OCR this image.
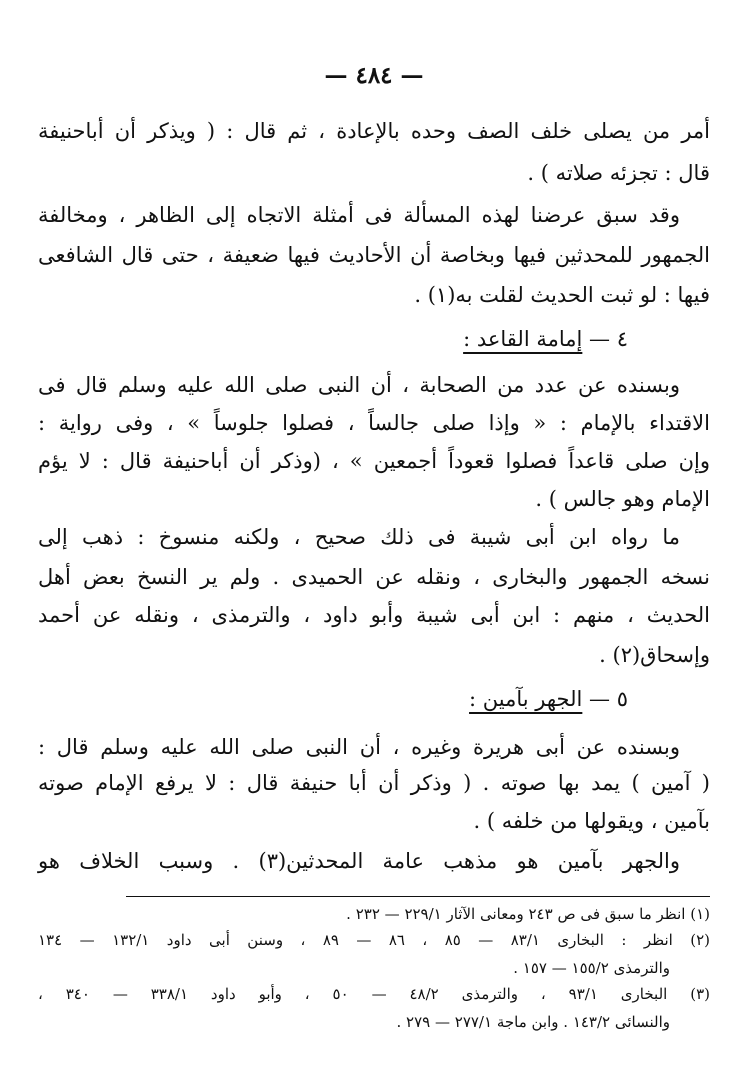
— ٤٨٤ —
أمر من يصلى خلف الصف وحده بالإعادة ، ثم قال : ( ويذكر أن أباحنيفة
قال : تجزئه صلاته ) .
وقد سبق عرضنا لهذه المسألة فى أمثلة الاتجاه إلى الظاهر ، ومخالفة
الجمهور للمحدثين فيها وبخاصة أن الأحاديث فيها ضعيفة ، حتى قال الشافعى
فيها : لو ثبت الحديث لقلت به(١) .
٤ — إمامة القاعد :
وبسنده عن عدد من الصحابة ، أن النبى صلى الله عليه وسلم قال فى
الاقتداء بالإمام : « وإذا صلى جالساً ، فصلوا جلوساً » ، وفى رواية :
وإن صلى قاعداً فصلوا قعوداً أجمعين » ، (وذكر أن أباحنيفة قال : لا يؤم
الإمام وهو جالس ) .
ما رواه ابن أبى شيبة فى ذلك صحيح ، ولكنه منسوخ : ذهب إلى
نسخه الجمهور والبخارى ، ونقله عن الحميدى . ولم ير النسخ بعض أهل
الحديث ، منهم : ابن أبى شيبة وأبو داود ، والترمذى ، ونقله عن أحمد
وإسحاق(٢) .
٥ — الجهر بآمين :
وبسنده عن أبى هريرة وغيره ، أن النبى صلى الله عليه وسلم قال :
( آمين ) يمد بها صوته . ( وذكر أن أبا حنيفة قال : لا يرفع الإمام صوته
بآمين ، ويقولها من خلفه ) .
والجهر بآمين هو مذهب عامة المحدثين(٣) . وسبب الخلاف هو
(١) انظر ما سبق فى ص ٢٤٣ ومعانى الآثار ٢٢٩/١ — ٢٣٢ .
(٢) انظر : البخارى ٨٣/١ — ٨٥ ، ٨٦ — ٨٩ ، وسنن أبى داود ١٣٢/١ — ١٣٤
والترمذى ١٥٥/٢ — ١٥٧ .
(٣) البخارى ٩٣/١ ، والترمذى ٤٨/٢ — ٥٠ ، وأبو داود ٣٣٨/١ — ٣٤٠ ،
والنسائى ١٤٣/٢ . وابن ماجة ٢٧٧/١ — ٢٧٩ .
